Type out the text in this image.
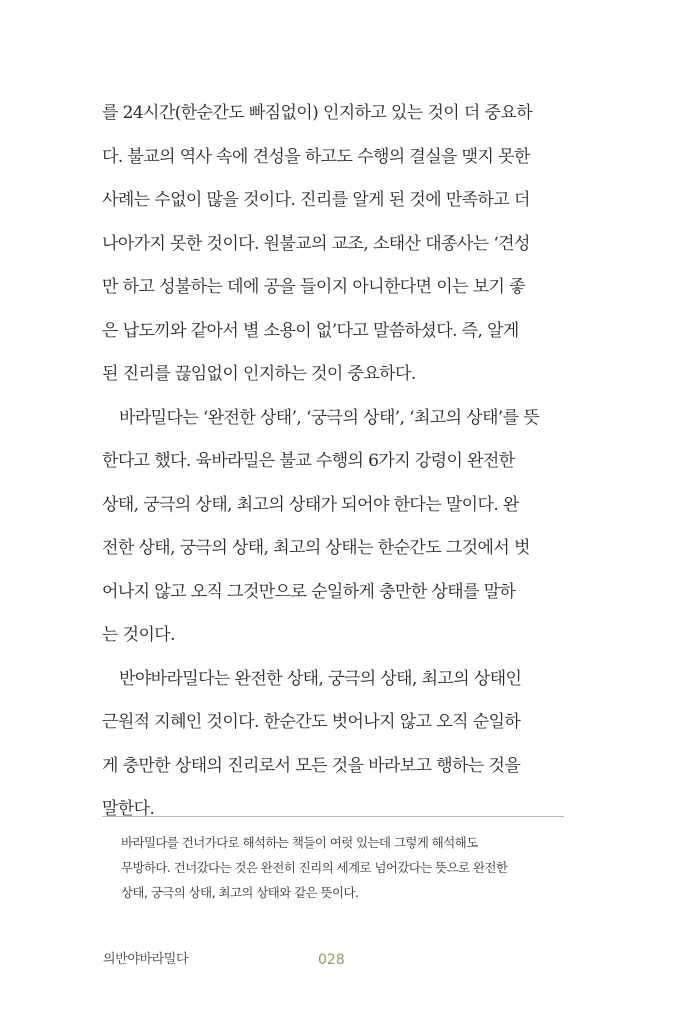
를 24시간(한순간도 빠짐없이) 인지하고 있는 것이 더 중요하
다. 불교의 역사 속에 견성을 하고도 수행의 결실을 맺지 못한
사례는 수없이 많을 것이다. 진리를 알게 된 것에 만족하고 더
나아가지 못한 것이다. 원불교의 교조, 소태산 대종사는 ‘견성
만 하고 성불하는 데에 공을 들이지 아니한다면 이는 보기 좋
은 납도끼와 같아서 별 소용이 없’다고 말씀하셨다. 즉, 알게
된 진리를 끊임없이 인지하는 것이 중요하다.
바라밀다는 ‘완전한 상태’, ‘궁극의 상태’, ‘최고의 상태’를 뜻
한다고 했다. 육바라밀은 불교 수행의 6가지 강령이 완전한
상태, 궁극의 상태, 최고의 상태가 되어야 한다는 말이다. 완
전한 상태, 궁극의 상태, 최고의 상태는 한순간도 그것에서 벗
어나지 않고 오직 그것만으로 순일하게 충만한 상태를 말하
는 것이다.
반야바라밀다는 완전한 상태, 궁극의 상태, 최고의 상태인
근원적 지혜인 것이다. 한순간도 벗어나지 않고 오직 순일하
게 충만한 상태의 진리로서 모든 것을 바라보고 행하는 것을
말한다.
바라밀다를 건너가다로 해석하는 책들이 여럿 있는데 그렇게 해석해도
무방하다. 건너갔다는 것은 완전히 진리의 세계로 넘어갔다는 뜻으로 완전한
상태, 궁극의 상태, 최고의 상태와 같은 뜻이다.
의반야바라밀다	028
